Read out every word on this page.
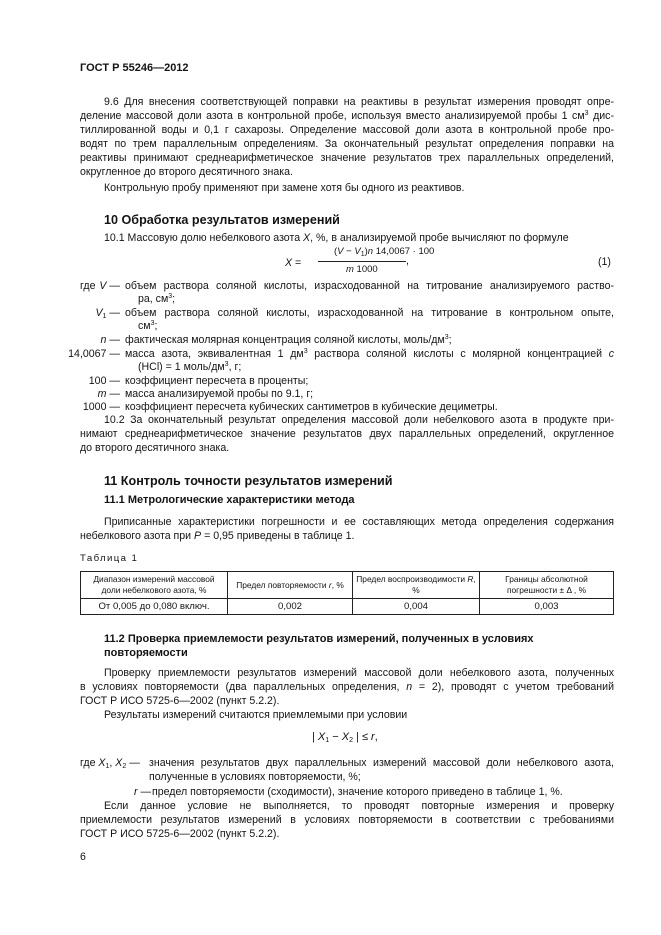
ГОСТ Р 55246—2012
9.6 Для внесения соответствующей поправки на реактивы в результат измерения проводят опре-
деление массовой доли азота в контрольной пробе, используя вместо анализируемой пробы 1 $см^3$ дис-
тиллированной воды и 0,1 г сахарозы. Определение массовой доли азота в контрольной пробе про-
водят по трем параллельным определениям. За окончательный результат определения поправки на
реактивы принимают среднеарифметическое значение результатов трех параллельных определений,
округленное до второго десятичного знака.
Контрольную пробу применяют при замене хотя бы одного из реактивов.
10 Обработка результатов измерений
10.1 Массовую долю небелкового азота X, %, в анализируемой пробе вычисляют по формуле
X =
$(V - V_1)n$ 14,0067 · 100
m 1000
,	(1)
где V — объем раствора соляной кислоты, израсходованной на титрование анализируемого раство-
ра, $см^3$;
$V_1$ — объем раствора соляной кислоты, израсходованной на титрование в контрольном опыте,
$см^3$;
n — фактическая молярная концентрация соляной кислоты, моль/$дм^3$;
14,0067 — масса азота, эквивалентная 1 $дм^3$ раствора соляной кислоты с молярной концентрацией c
(HCl) = 1 моль/$дм^3$, г;
100 — коэффициент пересчета в проценты;
m — масса анализируемой пробы по 9.1, г;
1000 — коэффициент пересчета кубических сантиметров в кубические дециметры.
10.2 За окончательный результат определения массовой доли небелкового азота в продукте при-
нимают среднеарифметическое значение результатов двух параллельных определений, округленное
до второго десятичного знака.
11 Контроль точности результатов измерений
11.1 Метрологические характеристики метода
Приписанные характеристики погрешности и ее составляющих метода определения содержания
небелкового азота при P = 0,95 приведены в таблице 1.
Таблица 1
Диапазон измерений массовой доли небелкового азота, %	Предел повторяемости r, %	Предел воспроизводимости R, %	Границы абсолютной погрешности ± Δ , %
От 0,005 до 0,080 включ.	0,002	0,004	0,003
11.2 Проверка приемлемости результатов измерений, полученных в условиях
повторяемости
Проверку приемлемости результатов измерений массовой доли небелкового азота, полученных
в условиях повторяемости (два параллельных определения, n = 2), проводят с учетом требований
ГОСТ Р ИСО 5725-6—2002 (пункт 5.2.2).
Результаты измерений считаются приемлемыми при условии
| $X_1 - X_2$ | ≤ r,
где $X_1$, $X_2$ — значения результатов двух параллельных измерений массовой доли небелкового азота,
полученные в условиях повторяемости, %;
r — предел повторяемости (сходимости), значение которого приведено в таблице 1, %.
Если данное условие не выполняется, то проводят повторные измерения и проверку
приемлемости результатов измерений в условиях повторяемости в соответствии с требованиями
ГОСТ Р ИСО 5725-6—2002 (пункт 5.2.2).
6
